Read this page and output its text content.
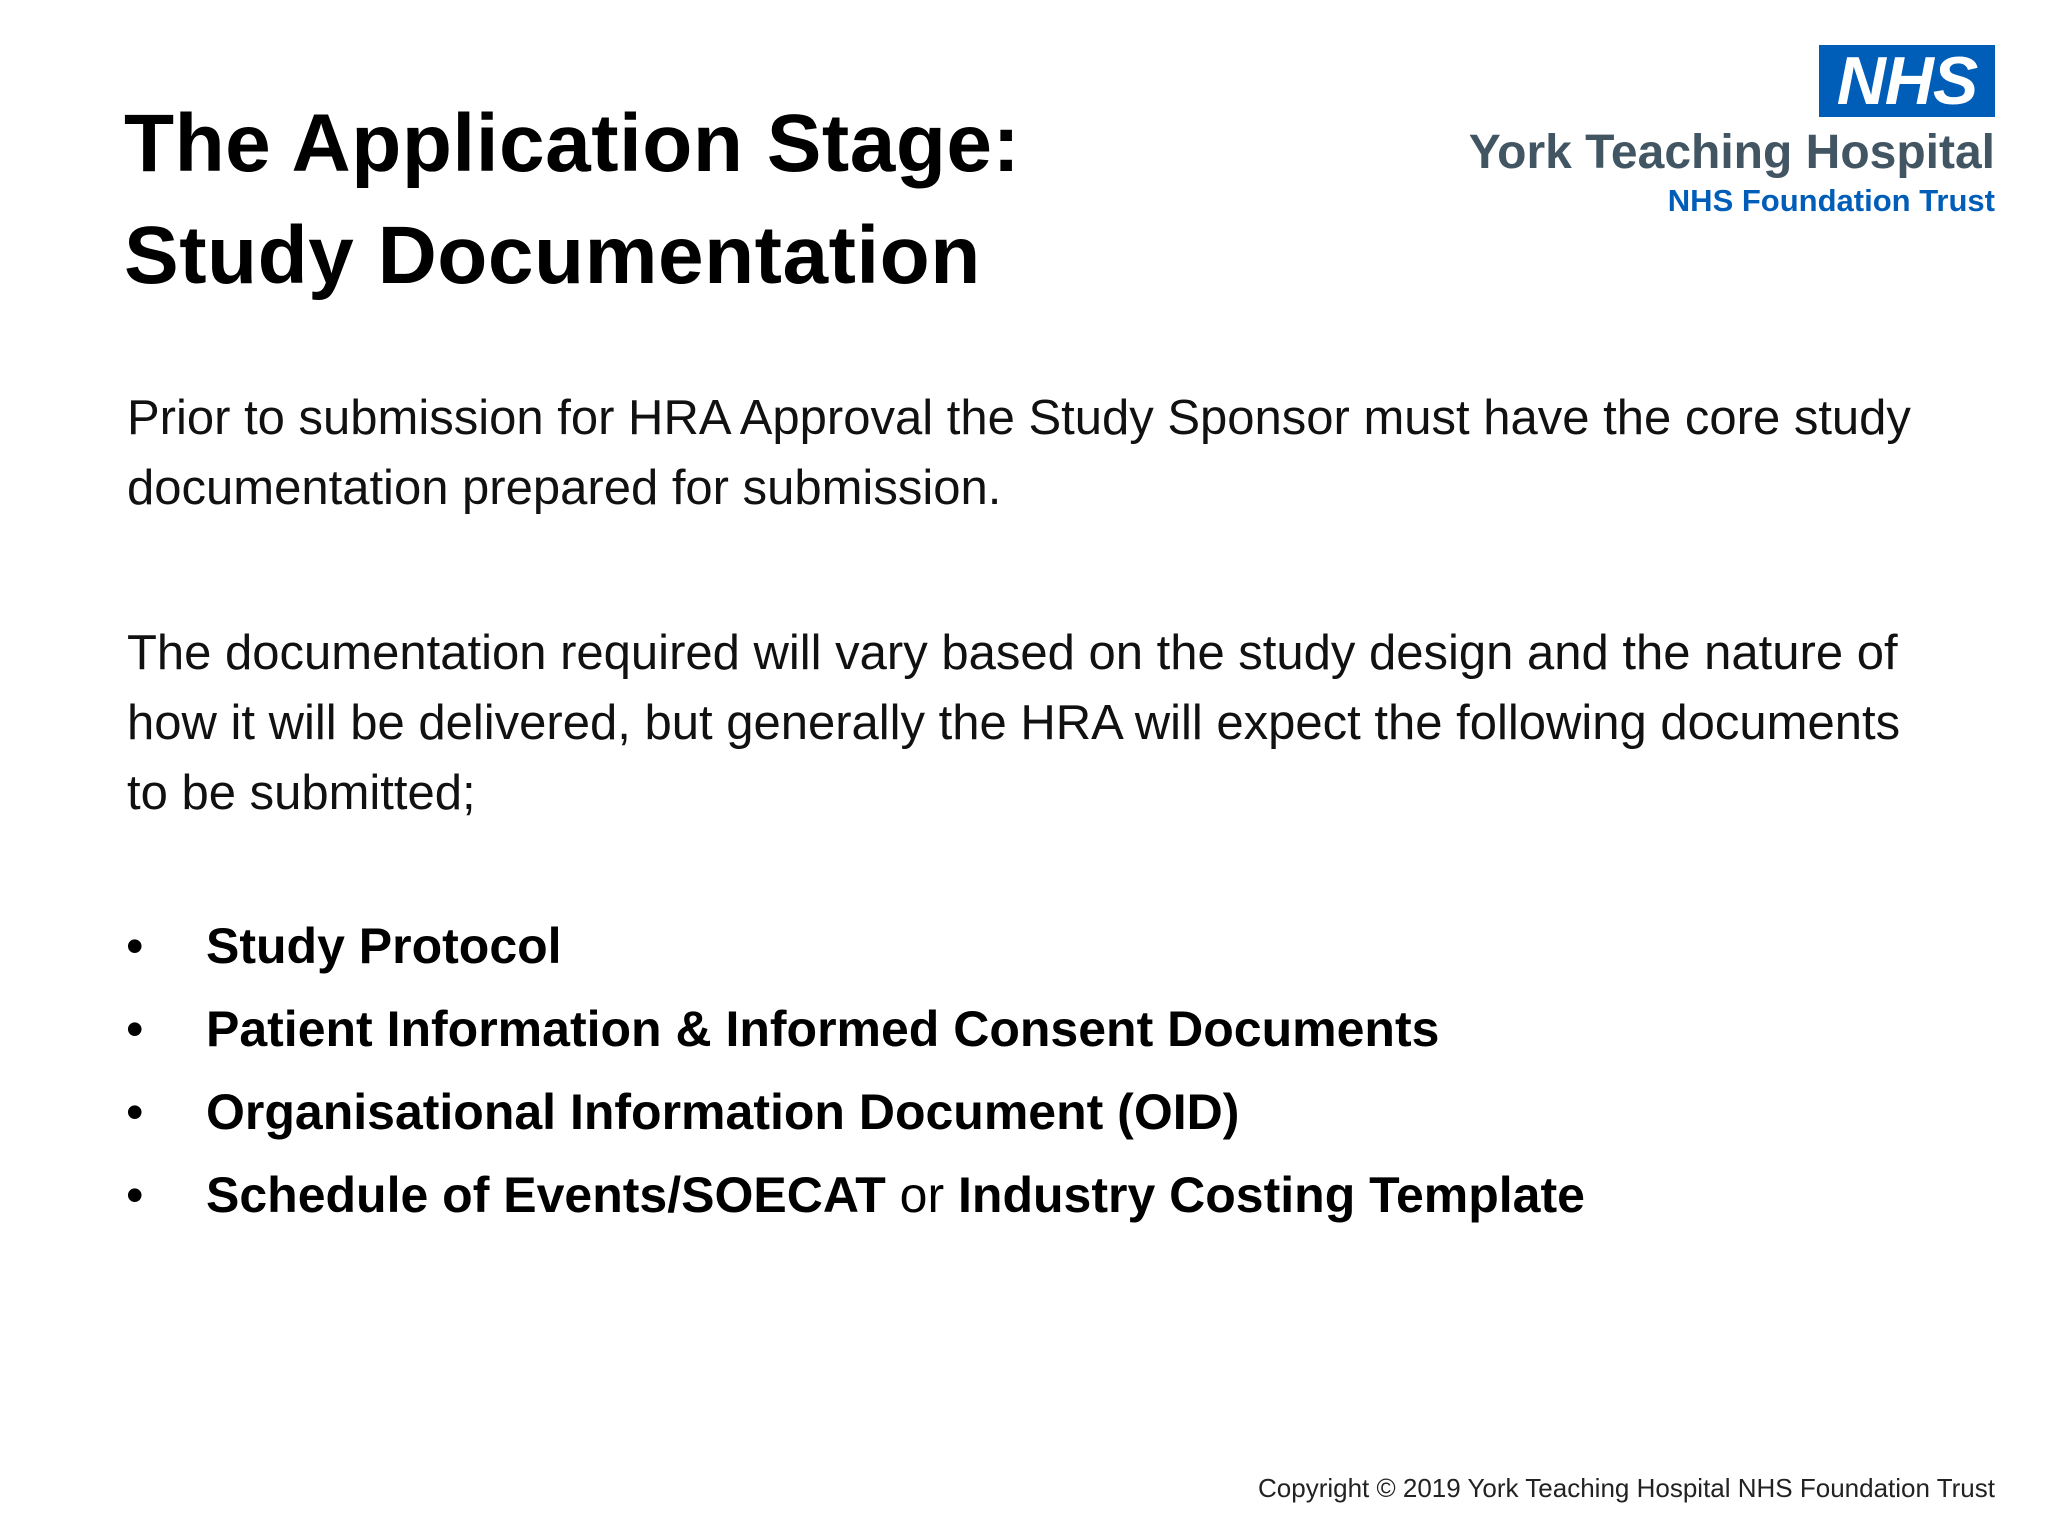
The Application Stage:
Study Documentation
NHS
York Teaching Hospital
NHS Foundation Trust

Prior to submission for HRA Approval the Study Sponsor must have the core study documentation prepared for submission.

The documentation required will vary based on the study design and the nature of how it will be delivered, but generally the HRA will expect the following documents to be submitted;

• Study Protocol
• Patient Information & Informed Consent Documents
• Organisational Information Document (OID)
• Schedule of Events/SOECAT or Industry Costing Template
Copyright © 2019 York Teaching Hospital NHS Foundation Trust
